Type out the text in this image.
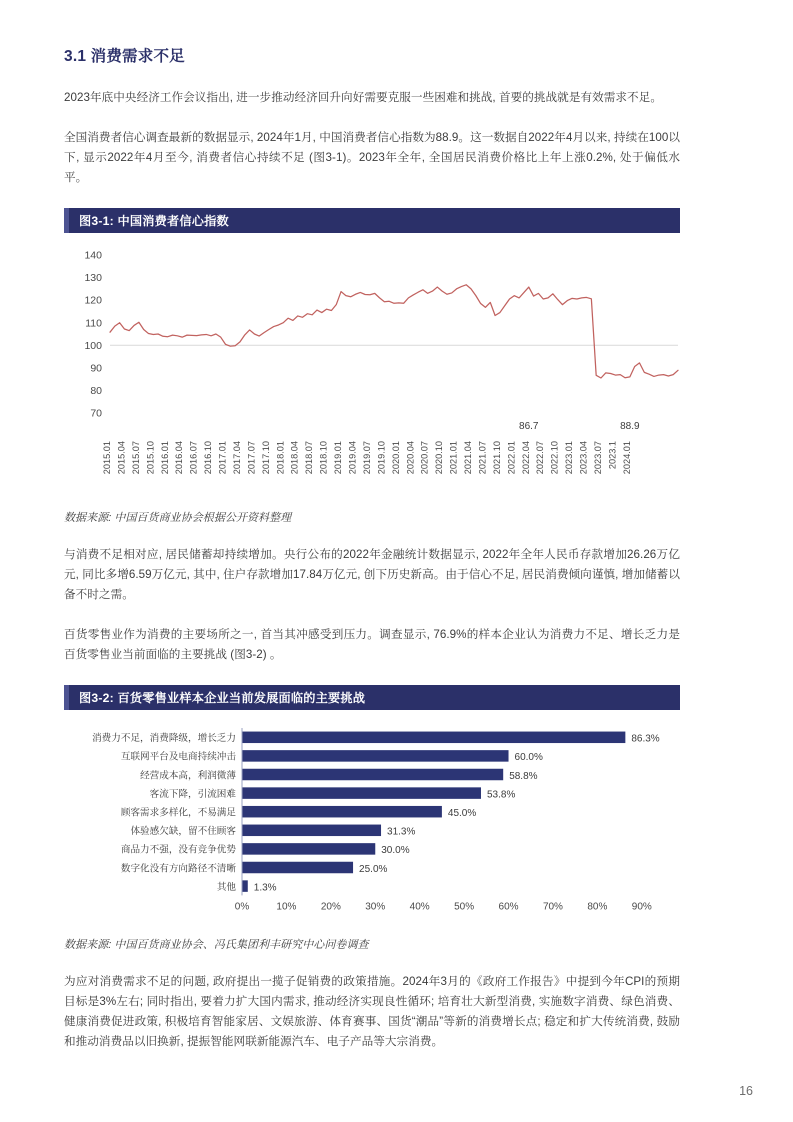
3.1 消费需求不足

2023年底中央经济工作会议指出, 进一步推动经济回升向好需要克服一些困难和挑战, 首要的挑战就是有效需求不足。

全国消费者信心调查最新的数据显示, 2024年1月, 中国消费者信心指数为88.9。这一数据自2022年4月以来, 持续在100以下, 显示2022年4月至今, 消费者信心持续不足 (图3-1)。2023年全年, 全国居民消费价格比上年上涨0.2%, 处于偏低水平。

图3-1: 中国消费者信心指数
70
80
90
100
110
120
130
140
86.7	88.9
2015.01 2015.04 2015.07 2015.10 2016.01 2016.04 2016.07 2016.10 2017.01 2017.04 2017.07 2017.10 2018.01 2018.04 2018.07 2018.10 2019.01 2019.04 2019.07 2019.10 2020.01 2020.04 2020.07 2020.10 2021.01 2021.04 2021.07 2021.10 2022.01 2022.04 2022.07 2022.10 2023.01 2023.04 2023.07 2023.1 2024.01
数据来源: 中国百货商业协会根据公开资料整理

与消费不足相对应, 居民储蓄却持续增加。央行公布的2022年金融统计数据显示, 2022年全年人民币存款增加26.26万亿元, 同比多增6.59万亿元, 其中, 住户存款增加17.84万亿元, 创下历史新高。由于信心不足, 居民消费倾向谨慎, 增加储蓄以备不时之需。

百货零售业作为消费的主要场所之一, 首当其冲感受到压力。调查显示, 76.9%的样本企业认为消费力不足、增长乏力是百货零售业当前面临的主要挑战 (图3-2) 。

图3-2: 百货零售业样本企业当前发展面临的主要挑战
消费力不足，消费降级，增长乏力
互联网平台及电商持续冲击
经营成本高，利润微薄
客流下降，引流困难
顾客需求多样化，不易满足
体验感欠缺，留不住顾客
商品力不强，没有竞争优势
数字化没有方向路径不清晰
其他
86.3%
60.0%
58.8%
53.8%
45.0%
31.3%
30.0%
25.0%
1.3%
0%	10% 20% 30% 40% 50% 60% 70% 80% 90%
数据来源: 中国百货商业协会、冯氏集团利丰研究中心问卷调查

为应对消费需求不足的问题, 政府提出一揽子促销费的政策措施。2024年3月的《政府工作报告》中提到今年CPI的预期目标是3%左右; 同时指出, 要着力扩大国内需求, 推动经济实现良性循环; 培育壮大新型消费, 实施数字消费、绿色消费、健康消费促进政策, 积极培育智能家居、文娱旅游、体育赛事、国货“潮品”等新的消费增长点; 稳定和扩大传统消费, 鼓励和推动消费品以旧换新, 提振智能网联新能源汽车、电子产品等大宗消费。

16
